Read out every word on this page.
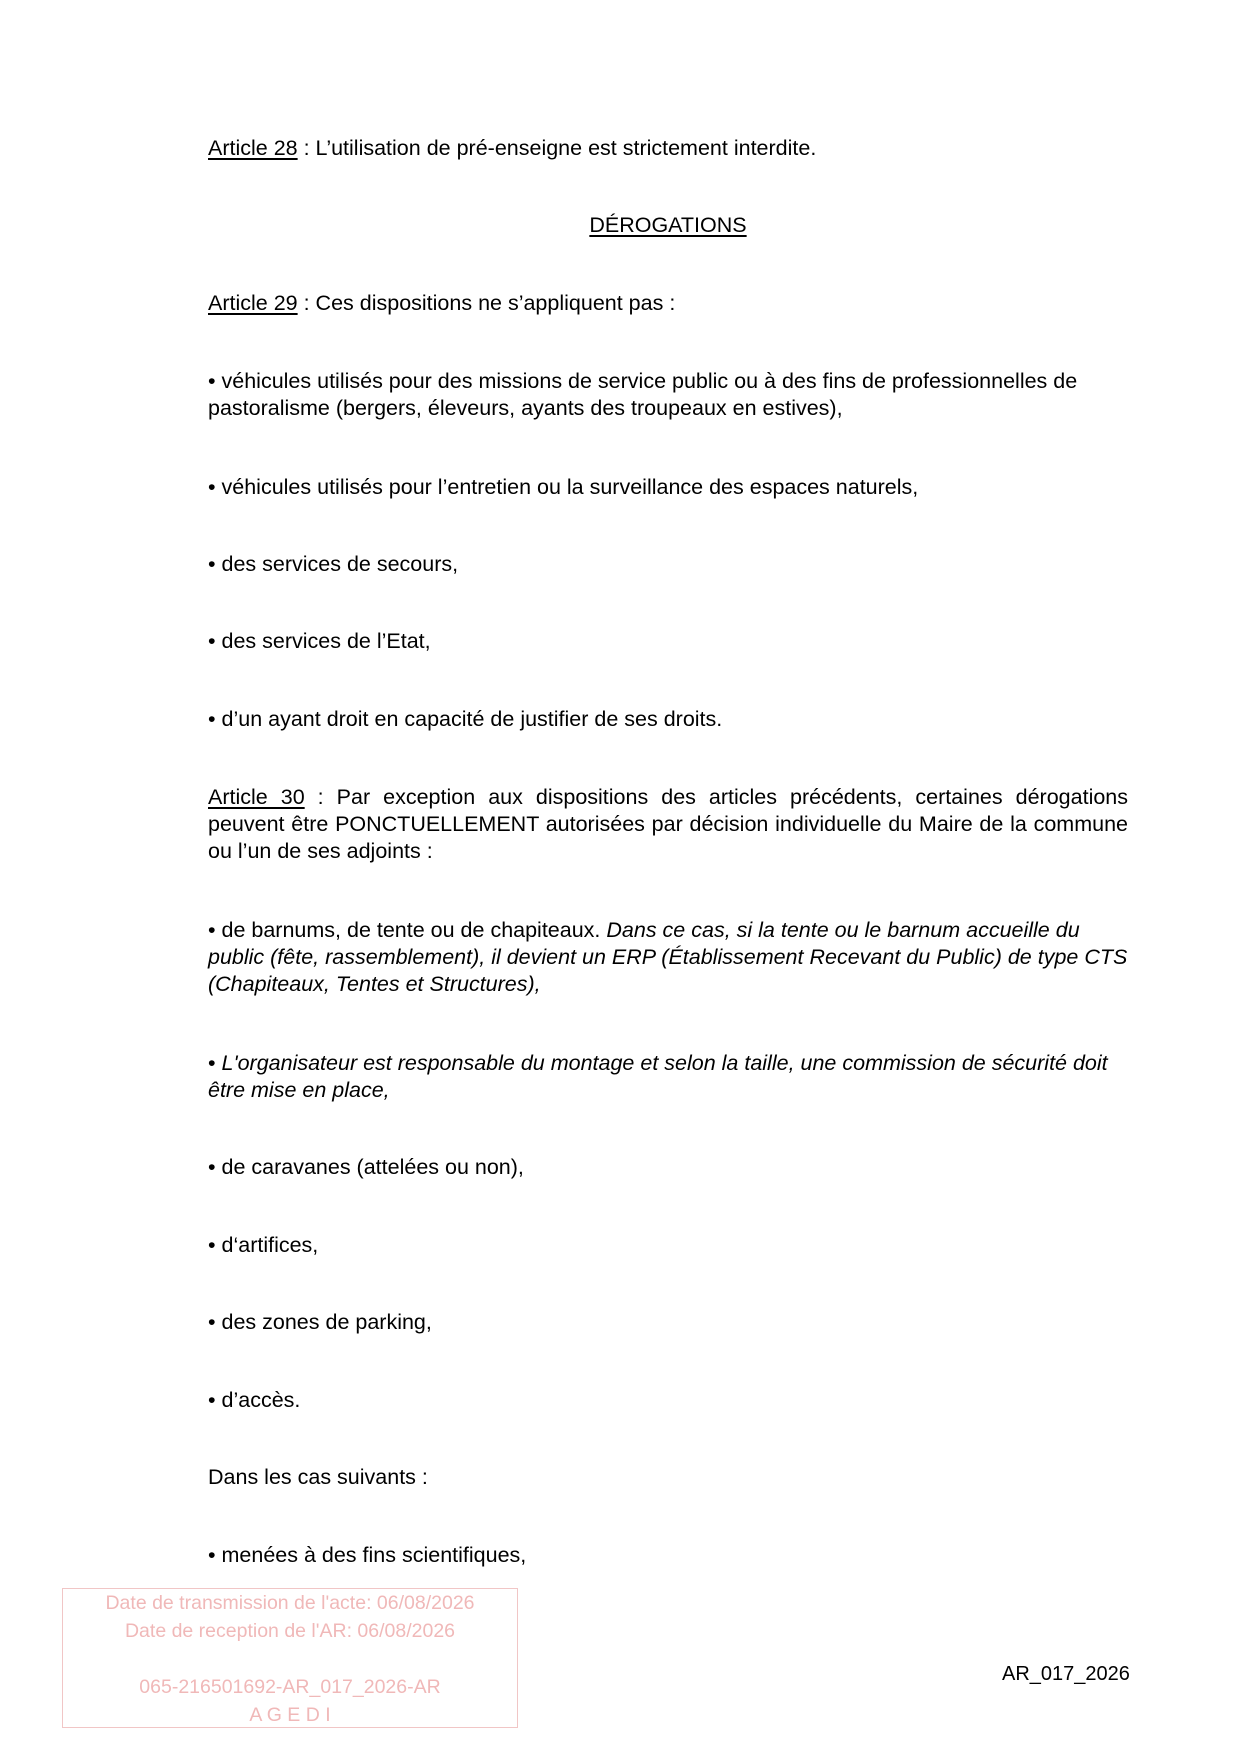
Article 28 : L’utilisation de pré-enseigne est strictement interdite.

DÉROGATIONS

Article 29 : Ces dispositions ne s’appliquent pas :

• véhicules utilisés pour des missions de service public ou à des fins de professionnelles de pastoralisme (bergers, éleveurs, ayants des troupeaux en estives),

• véhicules utilisés pour l’entretien ou la surveillance des espaces naturels,

• des services de secours,

• des services de l’Etat,

• d’un ayant droit en capacité de justifier de ses droits.

Article 30 : Par exception aux dispositions des articles précédents, certaines dérogations peuvent être PONCTUELLEMENT autorisées par décision individuelle du Maire de la commune ou l’un de ses adjoints :

• de barnums, de tente ou de chapiteaux. Dans ce cas, si la tente ou le barnum accueille du public (fête, rassemblement), il devient un ERP (Établissement Recevant du Public) de type CTS (Chapiteaux, Tentes et Structures),

• L'organisateur est responsable du montage et selon la taille, une commission de sécurité doit être mise en place,

• de caravanes (attelées ou non),

• d‘artifices,

• des zones de parking,

• d’accès.

Dans les cas suivants :

• menées à des fins scientifiques,

Date de transmission de l'acte: 06/08/2026
Date de reception de l'AR: 06/08/2026
065-216501692-AR_017_2026-AR
A G E D I
AR_017_2026
